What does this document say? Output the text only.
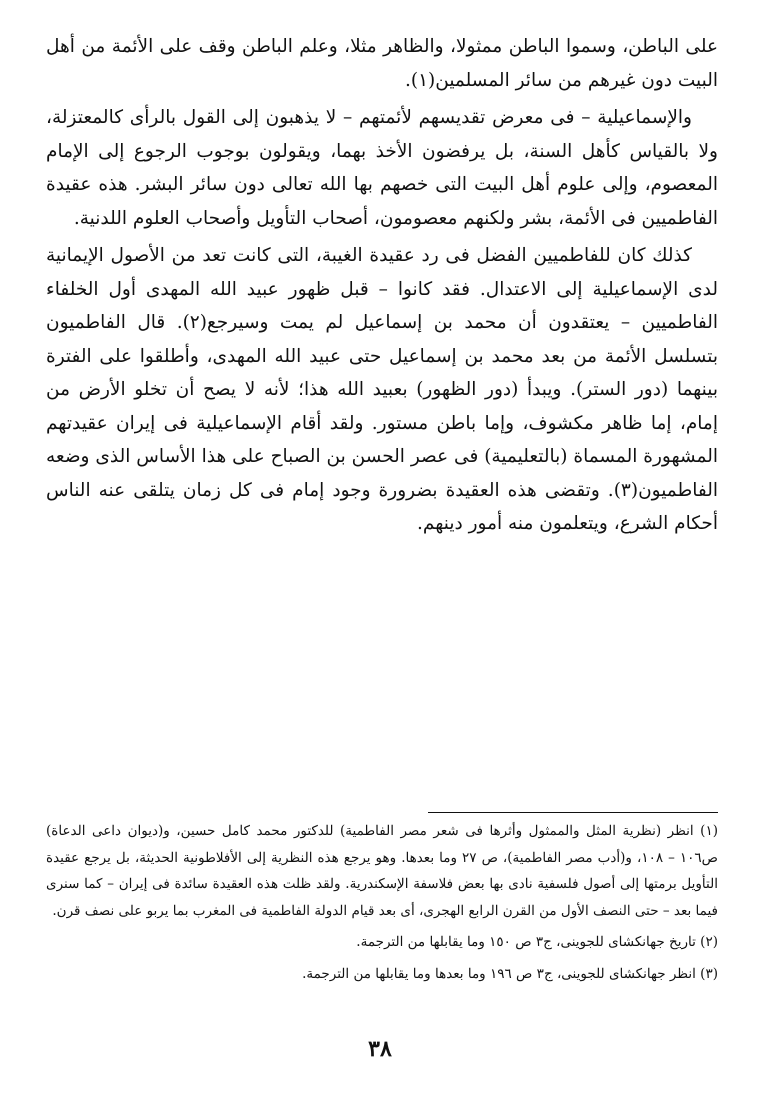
على الباطن، وسموا الباطن ممثولا، والظاهر مثلا، وعلم الباطن وقف على الأئمة من أهل البيت دون غيرهم من سائر المسلمين(١).

والإسماعيلية – فى معرض تقديسهم لأئمتهم – لا يذهبون إلى القول بالرأى كالمعتزلة، ولا بالقياس كأهل السنة، بل يرفضون الأخذ بهما، ويقولون بوجوب الرجوع إلى الإمام المعصوم، وإلى علوم أهل البيت التى خصهم بها الله تعالى دون سائر البشر. هذه عقيدة الفاطميين فى الأئمة، بشر ولكنهم معصومون، أصحاب التأويل وأصحاب العلوم اللدنية.

كذلك كان للفاطميين الفضل فى رد عقيدة الغيبة، التى كانت تعد من الأصول الإيمانية لدى الإسماعيلية إلى الاعتدال. فقد كانوا – قبل ظهور عبيد الله المهدى أول الخلفاء الفاطميين – يعتقدون أن محمد بن إسماعيل لم يمت وسيرجع(٢). قال الفاطميون بتسلسل الأئمة من بعد محمد بن إسماعيل حتى عبيد الله المهدى، وأطلقوا على الفترة بينهما (دور الستر). ويبدأ (دور الظهور) بعبيد الله هذا؛ لأنه لا يصح أن تخلو الأرض من إمام، إما ظاهر مكشوف، وإما باطن مستور. ولقد أقام الإسماعيلية فى إيران عقيدتهم المشهورة المسماة (بالتعليمية) فى عصر الحسن بن الصباح على هذا الأساس الذى وضعه الفاطميون(٣). وتقضى هذه العقيدة بضرورة وجود إمام فى كل زمان يتلقى عنه الناس أحكام الشرع، ويتعلمون منه أمور دينهم.

(١) انظر (نظرية المثل والممثول وأثرها فى شعر مصر الفاطمية) للدكتور محمد كامل حسين، و(ديوان داعى الدعاة) ص١٠٦ – ١٠٨، و(أدب مصر الفاطمية)، ص ٢٧ وما بعدها. وهو يرجع هذه النظرية إلى الأفلاطونية الحديثة، بل يرجع عقيدة التأويل برمتها إلى أصول فلسفية نادى بها بعض فلاسفة الإسكندرية. ولقد ظلت هذه العقيدة سائدة فى إيران – كما سنرى فيما بعد – حتى النصف الأول من القرن الرابع الهجرى، أى بعد قيام الدولة الفاطمية فى المغرب بما يربو على نصف قرن.

(٢) تاريخ جهانكشاى للجوينى، ج٣ ص ١٥٠ وما يقابلها من الترجمة.

(٣) انظر جهانكشاى للجوينى، ج٣ ص ١٩٦ وما بعدها وما يقابلها من الترجمة.

٣٨
